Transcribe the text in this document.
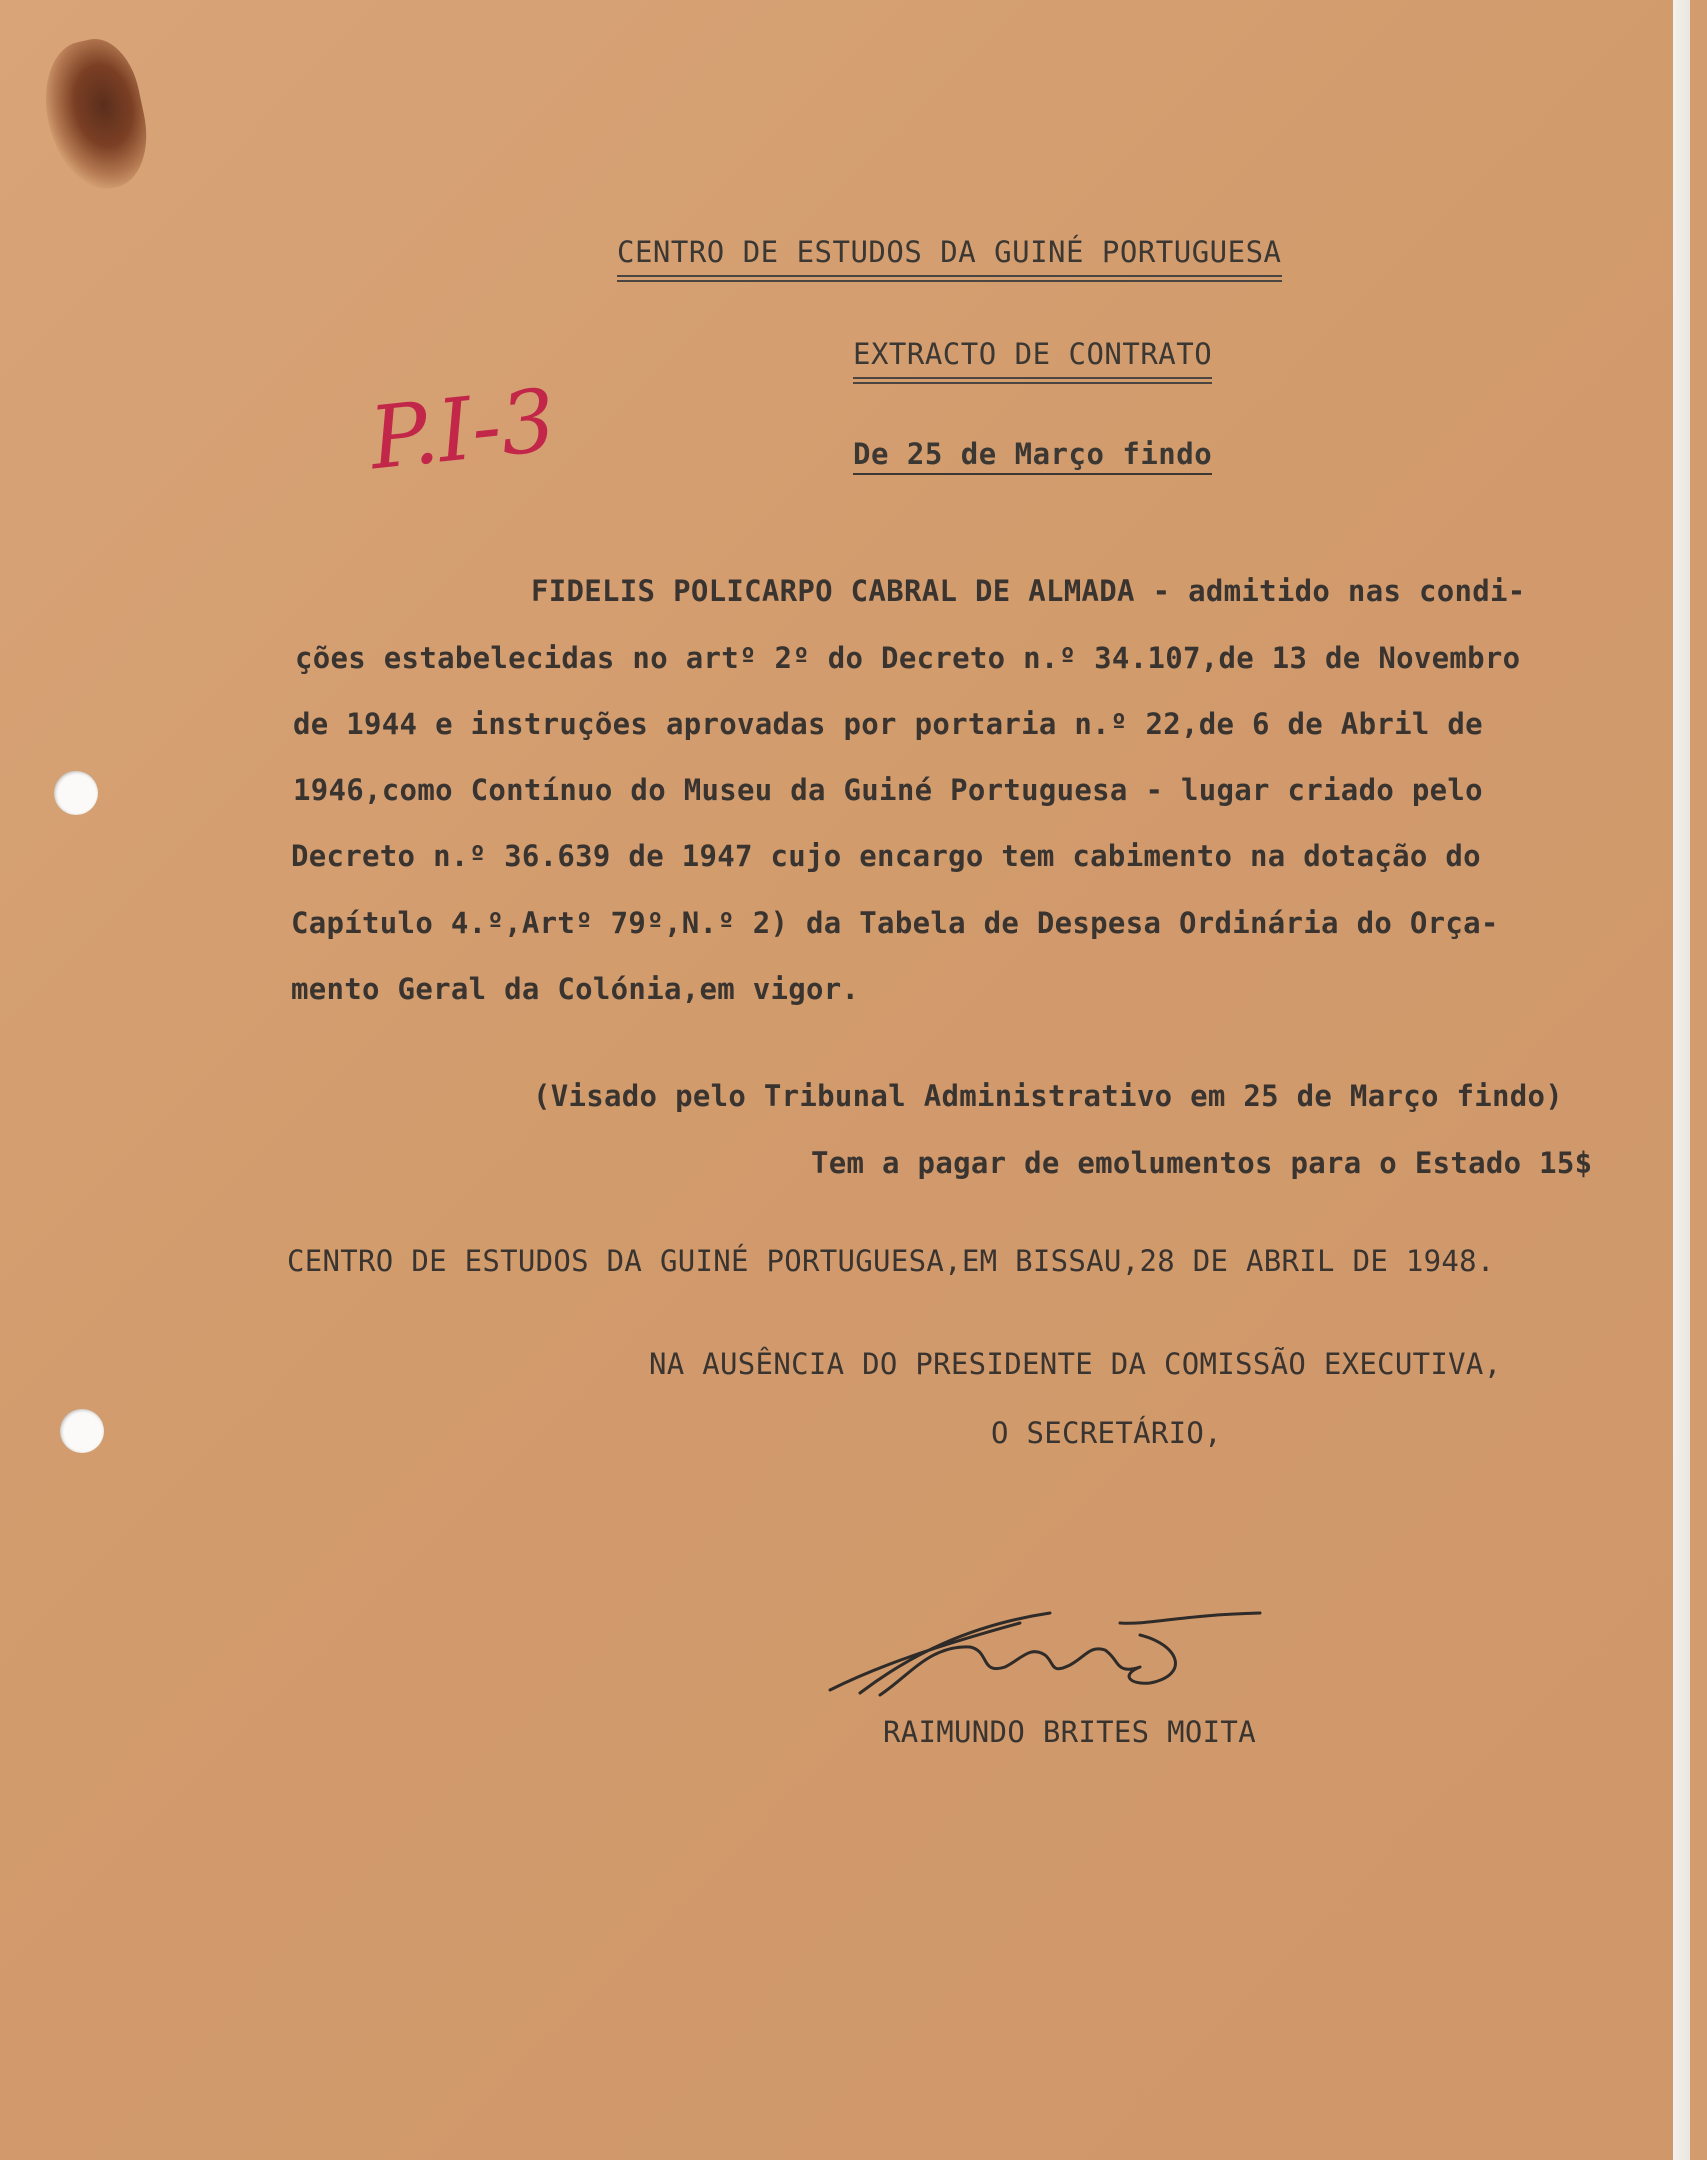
CENTRO DE ESTUDOS DA GUINÉ PORTUGUESA
EXTRACTO DE CONTRATO
De 25 de Março findo
P.I-3
FIDELIS POLICARPO CABRAL DE ALMADA - admitido nas condi-
ções estabelecidas no artº 2º do Decreto n.º 34.107,de 13 de Novembro
de 1944 e instruções aprovadas por portaria n.º 22,de 6 de Abril de
1946,como Contínuo do Museu da Guiné Portuguesa - lugar criado pelo
Decreto n.º 36.639 de 1947 cujo encargo tem cabimento na dotação do
Capítulo 4.º,Artº 79º,N.º 2) da Tabela de Despesa Ordinária do Orça-
mento Geral da Colónia,em vigor.
(Visado pelo Tribunal Administrativo em 25 de Março findo)
Tem a pagar de emolumentos para o Estado 15$
CENTRO DE ESTUDOS DA GUINÉ PORTUGUESA,EM BISSAU,28 DE ABRIL DE 1948.
NA AUSÊNCIA DO PRESIDENTE DA COMISSÃO EXECUTIVA,
O SECRETÁRIO,
RAIMUNDO BRITES MOITA
